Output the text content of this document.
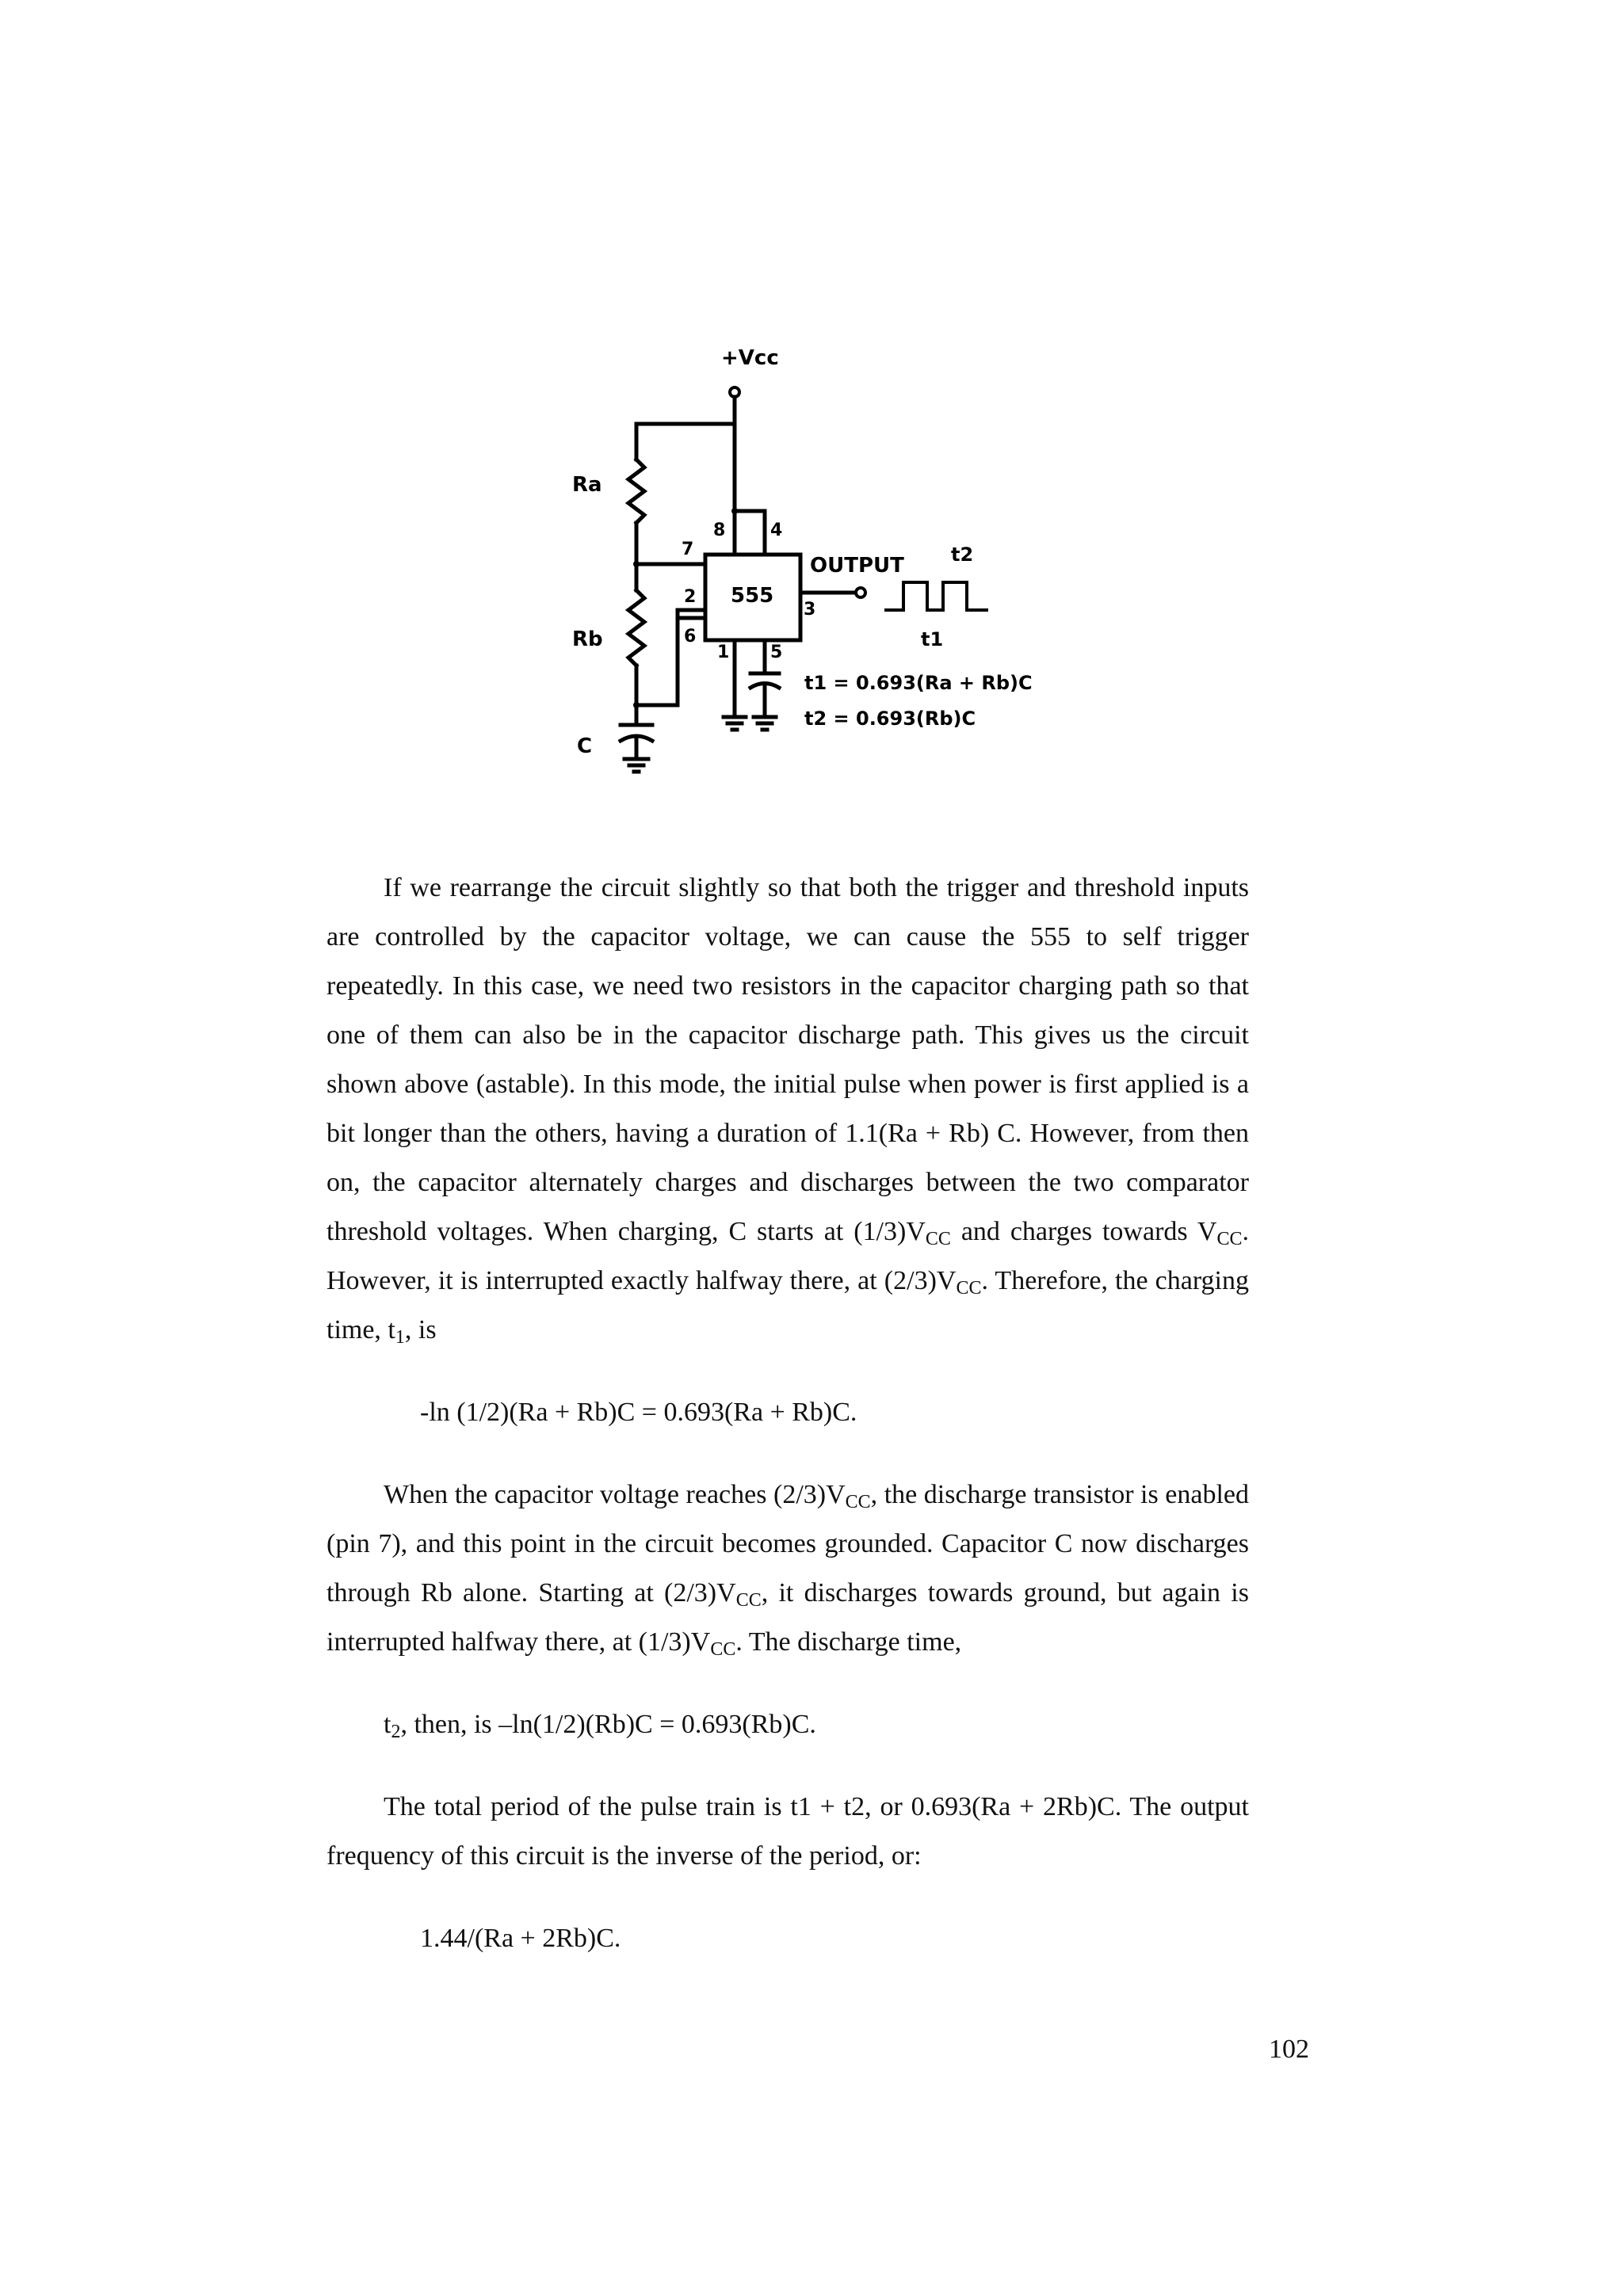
+Vcc
Ra
Rb
C
555
8	4
7
2
6
1 5
3
OUTPUT t2
t1
t1 = 0.693(Ra + Rb)C
t2 = 0.693(Rb)C

If we rearrange the circuit slightly so that both the trigger and threshold inputs are controlled by the capacitor voltage, we can cause the 555 to self trigger repeatedly. In this case, we need two resistors in the capacitor charging path so that one of them can also be in the capacitor discharge path. This gives us the circuit shown above (astable). In this mode, the initial pulse when power is first applied is a bit longer than the others, having a duration of 1.1(Ra + Rb) C. However, from then on, the capacitor alternately charges and discharges between the two comparator threshold voltages. When charging, C starts at $(1/3)V_{CC}$ and charges towards $V_{CC}$. However, it is interrupted exactly halfway there, at $(2/3)V_{CC}$. Therefore, the charging time, $t_1$, is

-ln (1/2)(Ra + Rb)C = 0.693(Ra + Rb)C.

When the capacitor voltage reaches $(2/3)V_{CC}$, the discharge transistor is enabled (pin 7), and this point in the circuit becomes grounded. Capacitor C now discharges through Rb alone. Starting at $(2/3)V_{CC}$, it discharges towards ground, but again is interrupted halfway there, at $(1/3)V_{CC}$. The discharge time,

$t_2$, then, is –ln(1/2)(Rb)C = 0.693(Rb)C.

The total period of the pulse train is t1 + t2, or 0.693(Ra + 2Rb)C. The output frequency of this circuit is the inverse of the period, or:

1.44/(Ra + 2Rb)C.

102
